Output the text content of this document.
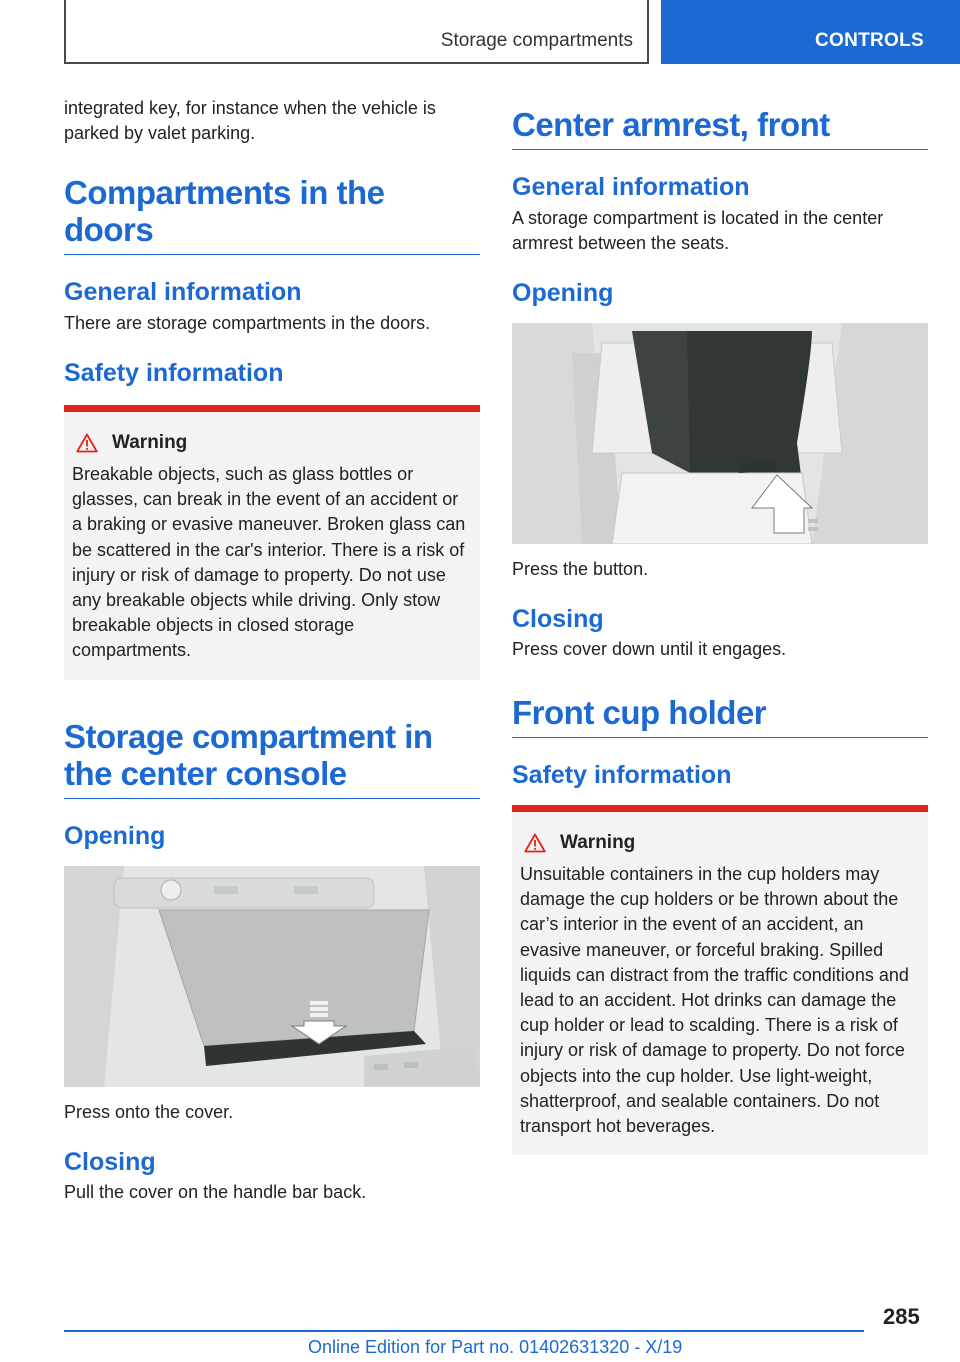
Storage compartments	CONTROLS

integrated key, for instance when the vehicle is parked by valet parking.

Compartments in the doors
General information

There are storage compartments in the doors.

Safety information
Warning

Breakable objects, such as glass bottles or glasses, can break in the event of an accident or a braking or evasive maneuver. Broken glass can be scattered in the car's interior. There is a risk of injury or risk of damage to property. Do not use any breakable objects while driving. Only stow breakable objects in closed storage compartments.

Storage compartment in the center console
Opening

Press onto the cover.

Closing

Pull the cover on the handle bar back.

Center armrest, front
General information

A storage compartment is located in the center armrest between the seats.

Opening

Press the button.

Closing

Press cover down until it engages.

Front cup holder
Safety information
Warning

Unsuitable containers in the cup holders may damage the cup holders or be thrown about the car’s interior in the event of an accident, an evasive maneuver, or forceful braking. Spilled liquids can distract from the traffic conditions and lead to an accident. Hot drinks can damage the cup holder or lead to scalding. There is a risk of injury or risk of damage to property. Do not force objects into the cup holder. Use light-weight, shatterproof, and sealable containers. Do not transport hot beverages.

285
Online Edition for Part no. 01402631320 - X/19
